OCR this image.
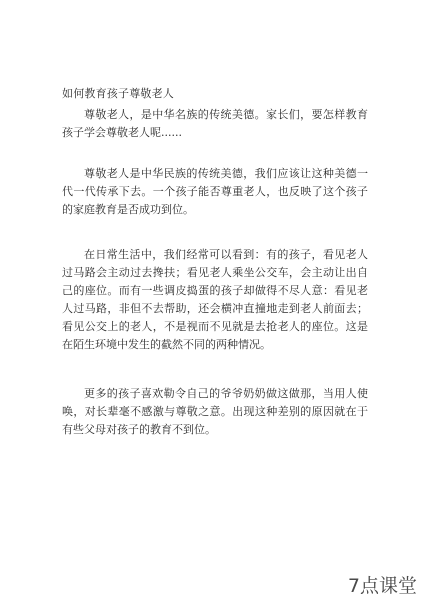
如何教育孩子尊敬老人

尊敬老人，是中华名族的传统美德。家长们，要怎样教育孩子学会尊敬老人呢......

尊敬老人是中华民族的传统美德，我们应该让这种美德一代一代传承下去。一个孩子能否尊重老人，也反映了这个孩子的家庭教育是否成功到位。

在日常生活中，我们经常可以看到：有的孩子，看见老人过马路会主动过去搀扶；看见老人乘坐公交车，会主动让出自己的座位。而有一些调皮捣蛋的孩子却做得不尽人意：看见老人过马路，非但不去帮助，还会横冲直撞地走到老人前面去；看见公交上的老人，不是视而不见就是去抢老人的座位。这是在陌生环境中发生的截然不同的两种情况。

更多的孩子喜欢勒令自己的爷爷奶奶做这做那，当用人使唤，对长辈毫不感激与尊敬之意。出现这种差别的原因就在于有些父母对孩子的教育不到位。

7点课堂
